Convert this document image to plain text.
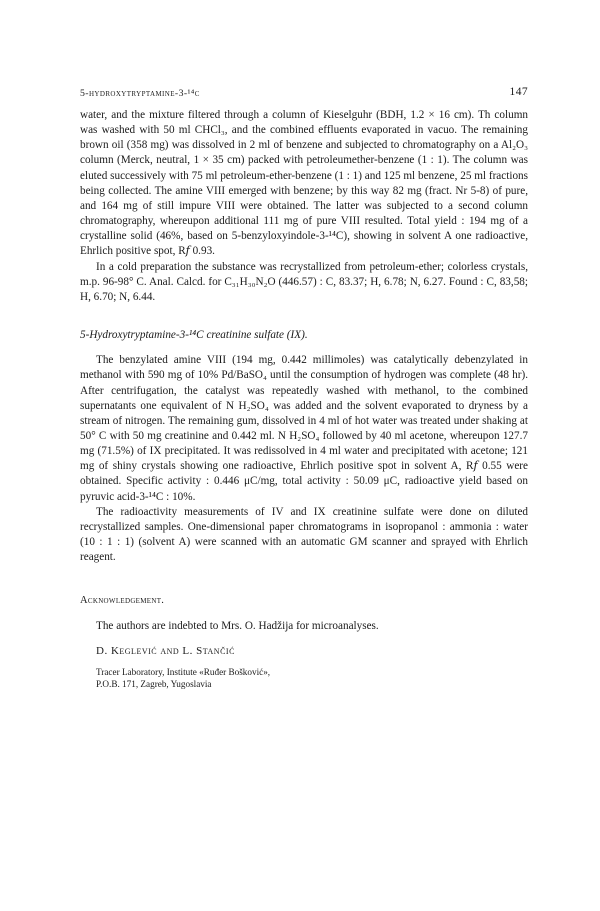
5-hydroxytryptamine-3-¹⁴c	147

water, and the mixture filtered through a column of Kieselguhr (BDH, 1.2 × 16 cm). Th column was washed with 50 ml CHCl₃, and the combined effluents evaporated in vacuo. The remaining brown oil (358 mg) was dissolved in 2 ml of benzene and subjected to chromatography on a Al₂O₃ column (Merck, neutral, 1 × 35 cm) packed with petroleumether-benzene (1 : 1). The column was eluted successively with 75 ml petroleum-ether-benzene (1 : 1) and 125 ml benzene, 25 ml fractions being collected. The amine VIII emerged with benzene; by this way 82 mg (fract. Nr 5-8) of pure, and 164 mg of still impure VIII were obtained. The latter was subjected to a second column chromatography, whereupon additional 111 mg of pure VIII resulted. Total yield : 194 mg of a crystalline solid (46%, based on 5-benzyloxyindole-3-¹⁴C), showing in solvent A one radioactive, Ehrlich positive spot, R𝑓 0.93.

In a cold preparation the substance was recrystallized from petroleum-ether; colorless crystals, m.p. 96-98° C. Anal. Calcd. for C₃₁H₃₀N₂O (446.57) : C, 83.37; H, 6.78; N, 6.27. Found : C, 83,58; H, 6.70; N, 6.44.

5-Hydroxytryptamine-3-¹⁴C creatinine sulfate (IX).

The benzylated amine VIII (194 mg, 0.442 millimoles) was catalytically debenzylated in methanol with 590 mg of 10% Pd/BaSO₄ until the consumption of hydrogen was complete (48 hr). After centrifugation, the catalyst was repeatedly washed with methanol, to the combined supernatants one equivalent of N H₂SO₄ was added and the solvent evaporated to dryness by a stream of nitrogen. The remaining gum, dissolved in 4 ml of hot water was treated under shaking at 50° C with 50 mg creatinine and 0.442 ml. N H₂SO₄ followed by 40 ml acetone, whereupon 127.7 mg (71.5%) of IX precipitated. It was redissolved in 4 ml water and precipitated with acetone; 121 mg of shiny crystals showing one radioactive, Ehrlich positive spot in solvent A, R𝑓 0.55 were obtained. Specific activity : 0.446 μC/mg, total activity : 50.09 μC, radioactive yield based on pyruvic acid-3-¹⁴C : 10%.

The radioactivity measurements of IV and IX creatinine sulfate were done on diluted recrystallized samples. One-dimensional paper chromatograms in isopropanol : ammonia : water (10 : 1 : 1) (solvent A) were scanned with an automatic GM scanner and sprayed with Ehrlich reagent.

Acknowledgement.

The authors are indebted to Mrs. O. Hadžija for microanalyses.

D. Keglević and L. Stančić
Tracer Laboratory, Institute «Ruđer Bošković»,
P.O.B. 171, Zagreb, Yugoslavia
